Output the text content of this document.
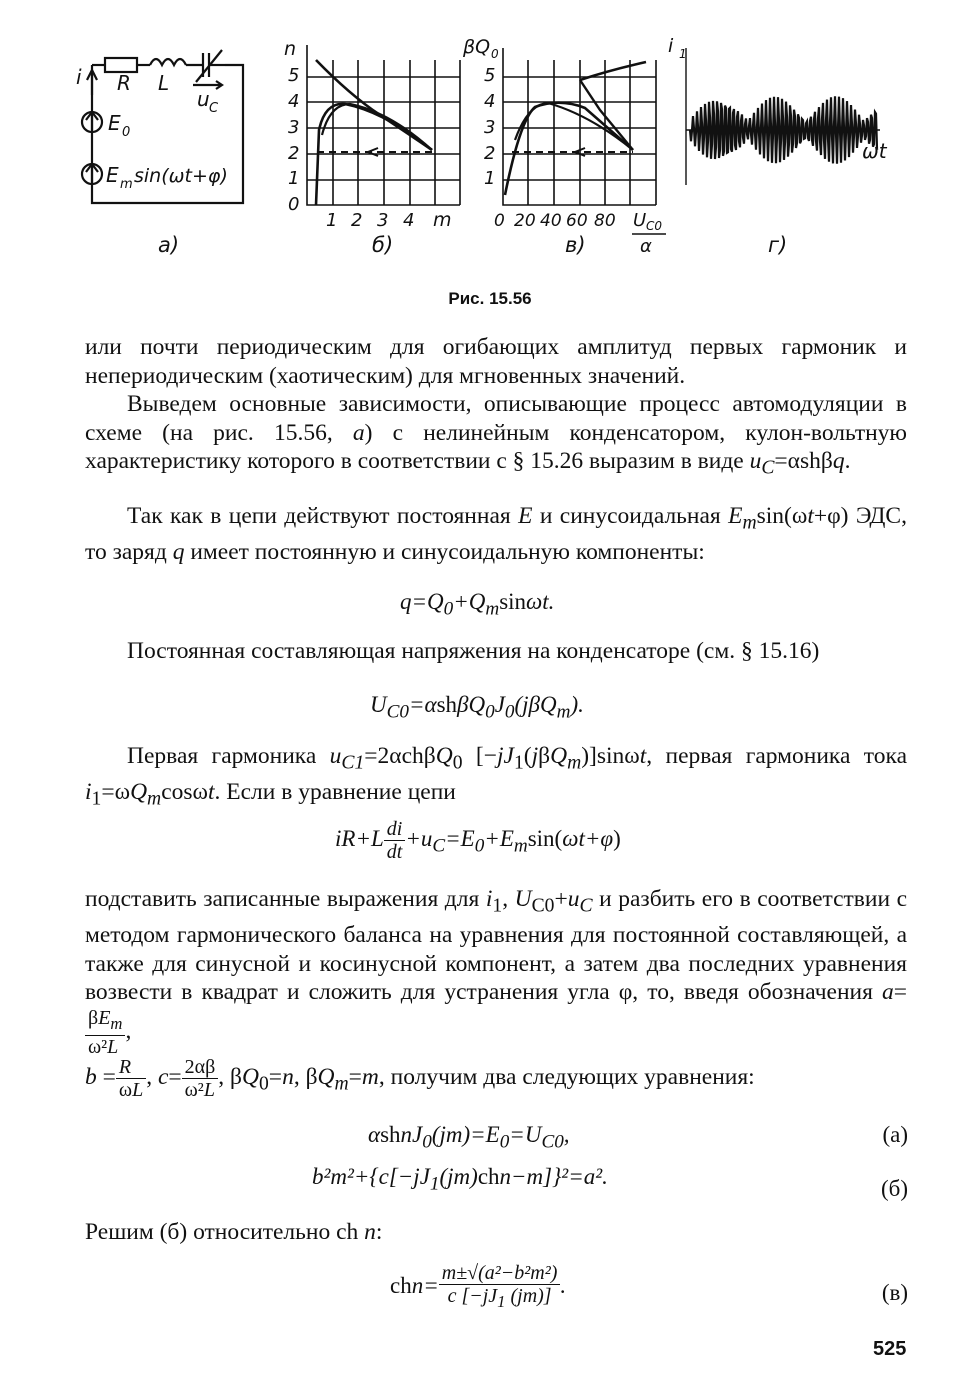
i R L
u C
E 0
E m sin(ωt+φ)
а)
n
0
1
2
3
4
5
1 2 3 4 m
б)
βQ 0
1
2
3
4
5
0 20 40 60 80 U C0
α
в)
i 1
ωt
г)
Рис. 15.56
или почти периодическим для огибающих амплитуд первых гармоник и непериодическим (хаотическим) для мгновенных значений.
Выведем основные зависимости, описывающие процесс автомодуляции в схеме (на рис. 15.56, а) с нелинейным конденсатором, кулон-вольтную характеристику которого в соответствии с § 15.26 выразим в виде $u_C=\alpha sh\beta q$.
Так как в цепи действуют постоянная E и синусоидальная $E_m\sin(\omega t+\varphi)$ ЭДС, то заряд q имеет постоянную и синусоидальную компоненты:
$q=Q_0+Q_m\sin\omega t$.
Постоянная составляющая напряжения на конденсаторе (см. § 15.16)
$U_{C0}=\alpha sh\beta Q_0J_0(j\beta Q_m)$.
Первая гармоника $u_{C1}=2\alpha ch\beta Q_0$ $[-jJ_1(j\beta Q_m)]\sin\omega t$, первая гармоника тока $i_1=\omega Q_m\cos\omega t$. Если в уравнение цепи
$iR+L \frac{di}{dt} +u_C=E_0+E_m\sin(\omega t+\varphi)$
подставить записанные выражения для $i_1$, $U_{C0}+u_C$ и разбить его в соответствии с методом гармонического баланса на уравнения для постоянной составляющей, а также для синусной и косинусной компонент, а затем два последних уравнения возвести в квадрат и сложить для устранения угла φ, то, введя обозначения a=
$\frac{\beta E_m}{\text{ω²L}}$ ,
$b = \frac{R}{\omega L}$ , $c= \frac{2\alpha\beta}{\text{ω²L}}$ , $\beta Q_0=n$, $\beta Q_m=m$, получим два следующих уравнения:
$\alpha shnJ_0(jm)=E_0=U_{C0}$,	(а)
$b^2m^2+\{c[-jJ_1(jm)chn-m]\}^2=a^2$.	(б)
Решим (б) относительно ch n:
$chn= \frac{\text{m±√(a²−b²m²)}}{c [-jJ_1 (jm)]}$ .	(в)
525
